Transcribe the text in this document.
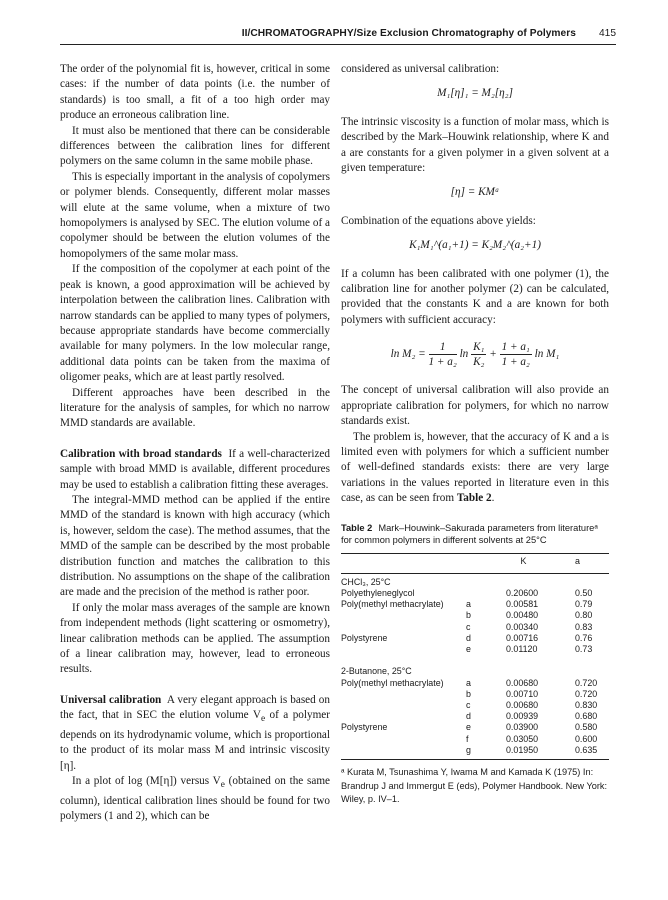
II/CHROMATOGRAPHY/Size Exclusion Chromatography of Polymers 415

The order of the polynomial fit is, however, critical in some cases: if the number of data points (i.e. the number of standards) is too small, a fit of a too high order may produce an erroneous calibration line.

It must also be mentioned that there can be considerable differences between the calibration lines for different polymers on the same column in the same mobile phase.

This is especially important in the analysis of copolymers or polymer blends. Consequently, different molar masses will elute at the same volume, when a mixture of two homopolymers is analysed by SEC. The elution volume of a copolymer should be between the elution volumes of the homopolymers of the same molar mass.

If the composition of the copolymer at each point of the peak is known, a good approximation will be achieved by interpolation between the calibration lines. Calibration with narrow standards can be applied to many types of polymers, because appropriate standards have become commercially available for many polymers. In the low molecular range, additional data points can be taken from the maxima of oligomer peaks, which are at least partly resolved.

Different approaches have been described in the literature for the analysis of samples, for which no narrow MMD standards are available.

Calibration with broad standards If a well-characterized sample with broad MMD is available, different procedures may be used to establish a calibration fitting these averages.

The integral-MMD method can be applied if the entire MMD of the standard is known with high accuracy (which is, however, seldom the case). The method assumes, that the MMD of the sample can be described by the most probable distribution function and matches the calibration to this distribution. No assumptions on the shape of the calibration are made and the precision of the method is rather poor.

If only the molar mass averages of the sample are known from independent methods (light scattering or osmometry), linear calibration methods can be applied. The assumption of a linear calibration may, however, lead to erroneous results.

Universal calibration A very elegant approach is based on the fact, that in SEC the elution volume $V_e$ of a polymer depends on its hydrodynamic volume, which is proportional to the product of its molar mass M and intrinsic viscosity [η].

In a plot of log (M[η]) versus $V_e$ (obtained on the same column), identical calibration lines should be found for two polymers (1 and 2), which can be

considered as universal calibration:

M₁[η]₁ = M₂[η₂]

The intrinsic viscosity is a function of molar mass, which is described by the Mark–Houwink relationship, where K and a are constants for a given polymer in a given solvent at a given temperature:

[η] = KMᵃ

Combination of the equations above yields:

K₁M₁^(a₁+1) = K₂M₂^(a₂+1)

If a column has been calibrated with one polymer (1), the calibration line for another polymer (2) can be calculated, provided that the constants K and a are known for both polymers with sufficient accuracy:

$\ln M_2 = \frac{1}{\text{1 + a₂}}$ $\ln \frac{\text{K₁}}{\text{K₂}} + \frac{\text{1 + a₁}}{\text{1 + a₂}}$ ln M₁

The concept of universal calibration will also provide an appropriate calibration for polymers, for which no narrow standards exist.

The problem is, however, that the accuracy of K and a is limited even with polymers for which a sufficient number of well-defined standards exists: there are very large variations in the values reported in literature even in this case, as can be seen from Table 2.

Table 2 Mark–Houwink–Sakurada parameters from literatureᵃ for common polymers in different solvents at 25°C
		K	a
CHCl₃, 25°C			
Polyethyleneglycol		0.20600	0.50
Poly(methyl methacrylate)	a	0.00581	0.79
	b	0.00480	0.80
	c	0.00340	0.83
Polystyrene	d	0.00716	0.76
	e	0.01120	0.73

2-Butanone, 25°C			
Poly(methyl methacrylate)	a	0.00680	0.720
	b	0.00710	0.720
	c	0.00680	0.830
	d	0.00939	0.680
Polystyrene	e	0.03900	0.580
	f	0.03050	0.600
	g	0.01950	0.635
ᵃ Kurata M, Tsunashima Y, Iwama M and Kamada K (1975) In: Brandrup J and Immergut E (eds), Polymer Handbook. New York: Wiley, p. IV–1.
